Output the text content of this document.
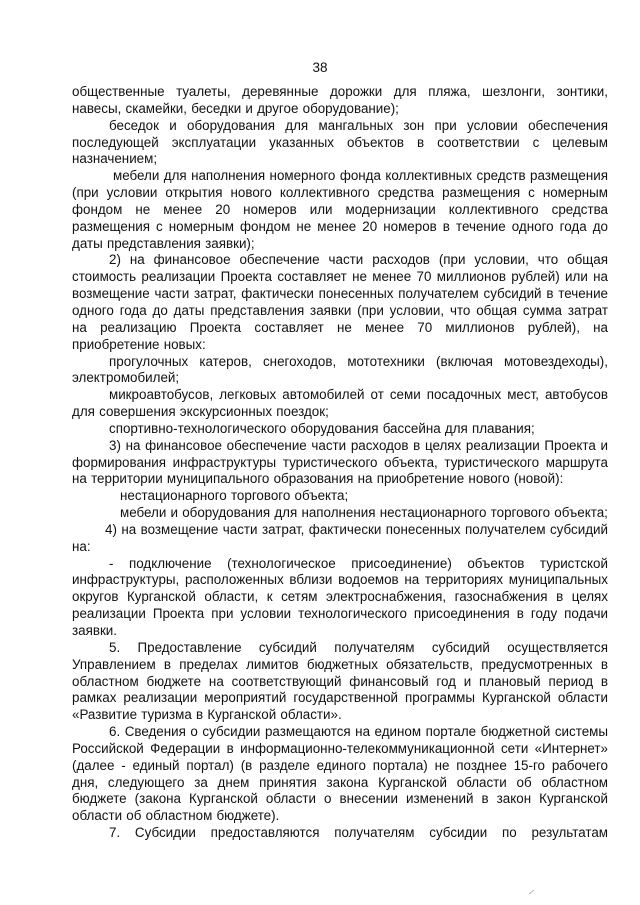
38

общественные туалеты, деревянные дорожки для пляжа, шезлонги, зонтики, навесы, скамейки, беседки и другое оборудование);

беседок и оборудования для мангальных зон при условии обеспечения последующей эксплуатации указанных объектов в соответствии с целевым назначением;

мебели для наполнения номерного фонда коллективных средств размещения (при условии открытия нового коллективного средства размещения с номерным фондом не менее 20 номеров или модернизации коллективного средства размещения с номерным фондом не менее 20 номеров в течение одного года до даты представления заявки);

2) на финансовое обеспечение части расходов (при условии, что общая стоимость реализации Проекта составляет не менее 70 миллионов рублей) или на возмещение части затрат, фактически понесенных получателем субсидий в течение одного года до даты представления заявки (при условии, что общая сумма затрат на реализацию Проекта составляет не менее 70 миллионов рублей), на приобретение новых:

прогулочных катеров, снегоходов, мототехники (включая мотовездеходы), электромобилей;

микроавтобусов, легковых автомобилей от семи посадочных мест, автобусов для совершения экскурсионных поездок;

спортивно-технологического оборудования бассейна для плавания;

3) на финансовое обеспечение части расходов в целях реализации Проекта и формирования инфраструктуры туристического объекта, туристического маршрута на территории муниципального образования на приобретение нового (новой):

нестационарного торгового объекта;

мебели и оборудования для наполнения нестационарного торгового объекта;

4) на возмещение части затрат, фактически понесенных получателем субсидий на:

- подключение (технологическое присоединение) объектов туристской инфраструктуры, расположенных вблизи водоемов на территориях муниципальных округов Курганской области, к сетям электроснабжения, газоснабжения в целях реализации Проекта при условии технологического присоединения в году подачи заявки.

5. Предоставление субсидий получателям субсидий осуществляется Управлением в пределах лимитов бюджетных обязательств, предусмотренных в областном бюджете на соответствующий финансовый год и плановый период в рамках реализации мероприятий государственной программы Курганской области «Развитие туризма в Курганской области».

6. Сведения о субсидии размещаются на едином портале бюджетной системы Российской Федерации в информационно-телекоммуникационной сети «Интернет» (далее - единый портал) (в разделе единого портала) не позднее 15-го рабочего дня, следующего за днем принятия закона Курганской области об областном бюджете (закона Курганской области о внесении изменений в закон Курганской области об областном бюджете).

7. Субсидии предоставляются получателям субсидии по результатам
